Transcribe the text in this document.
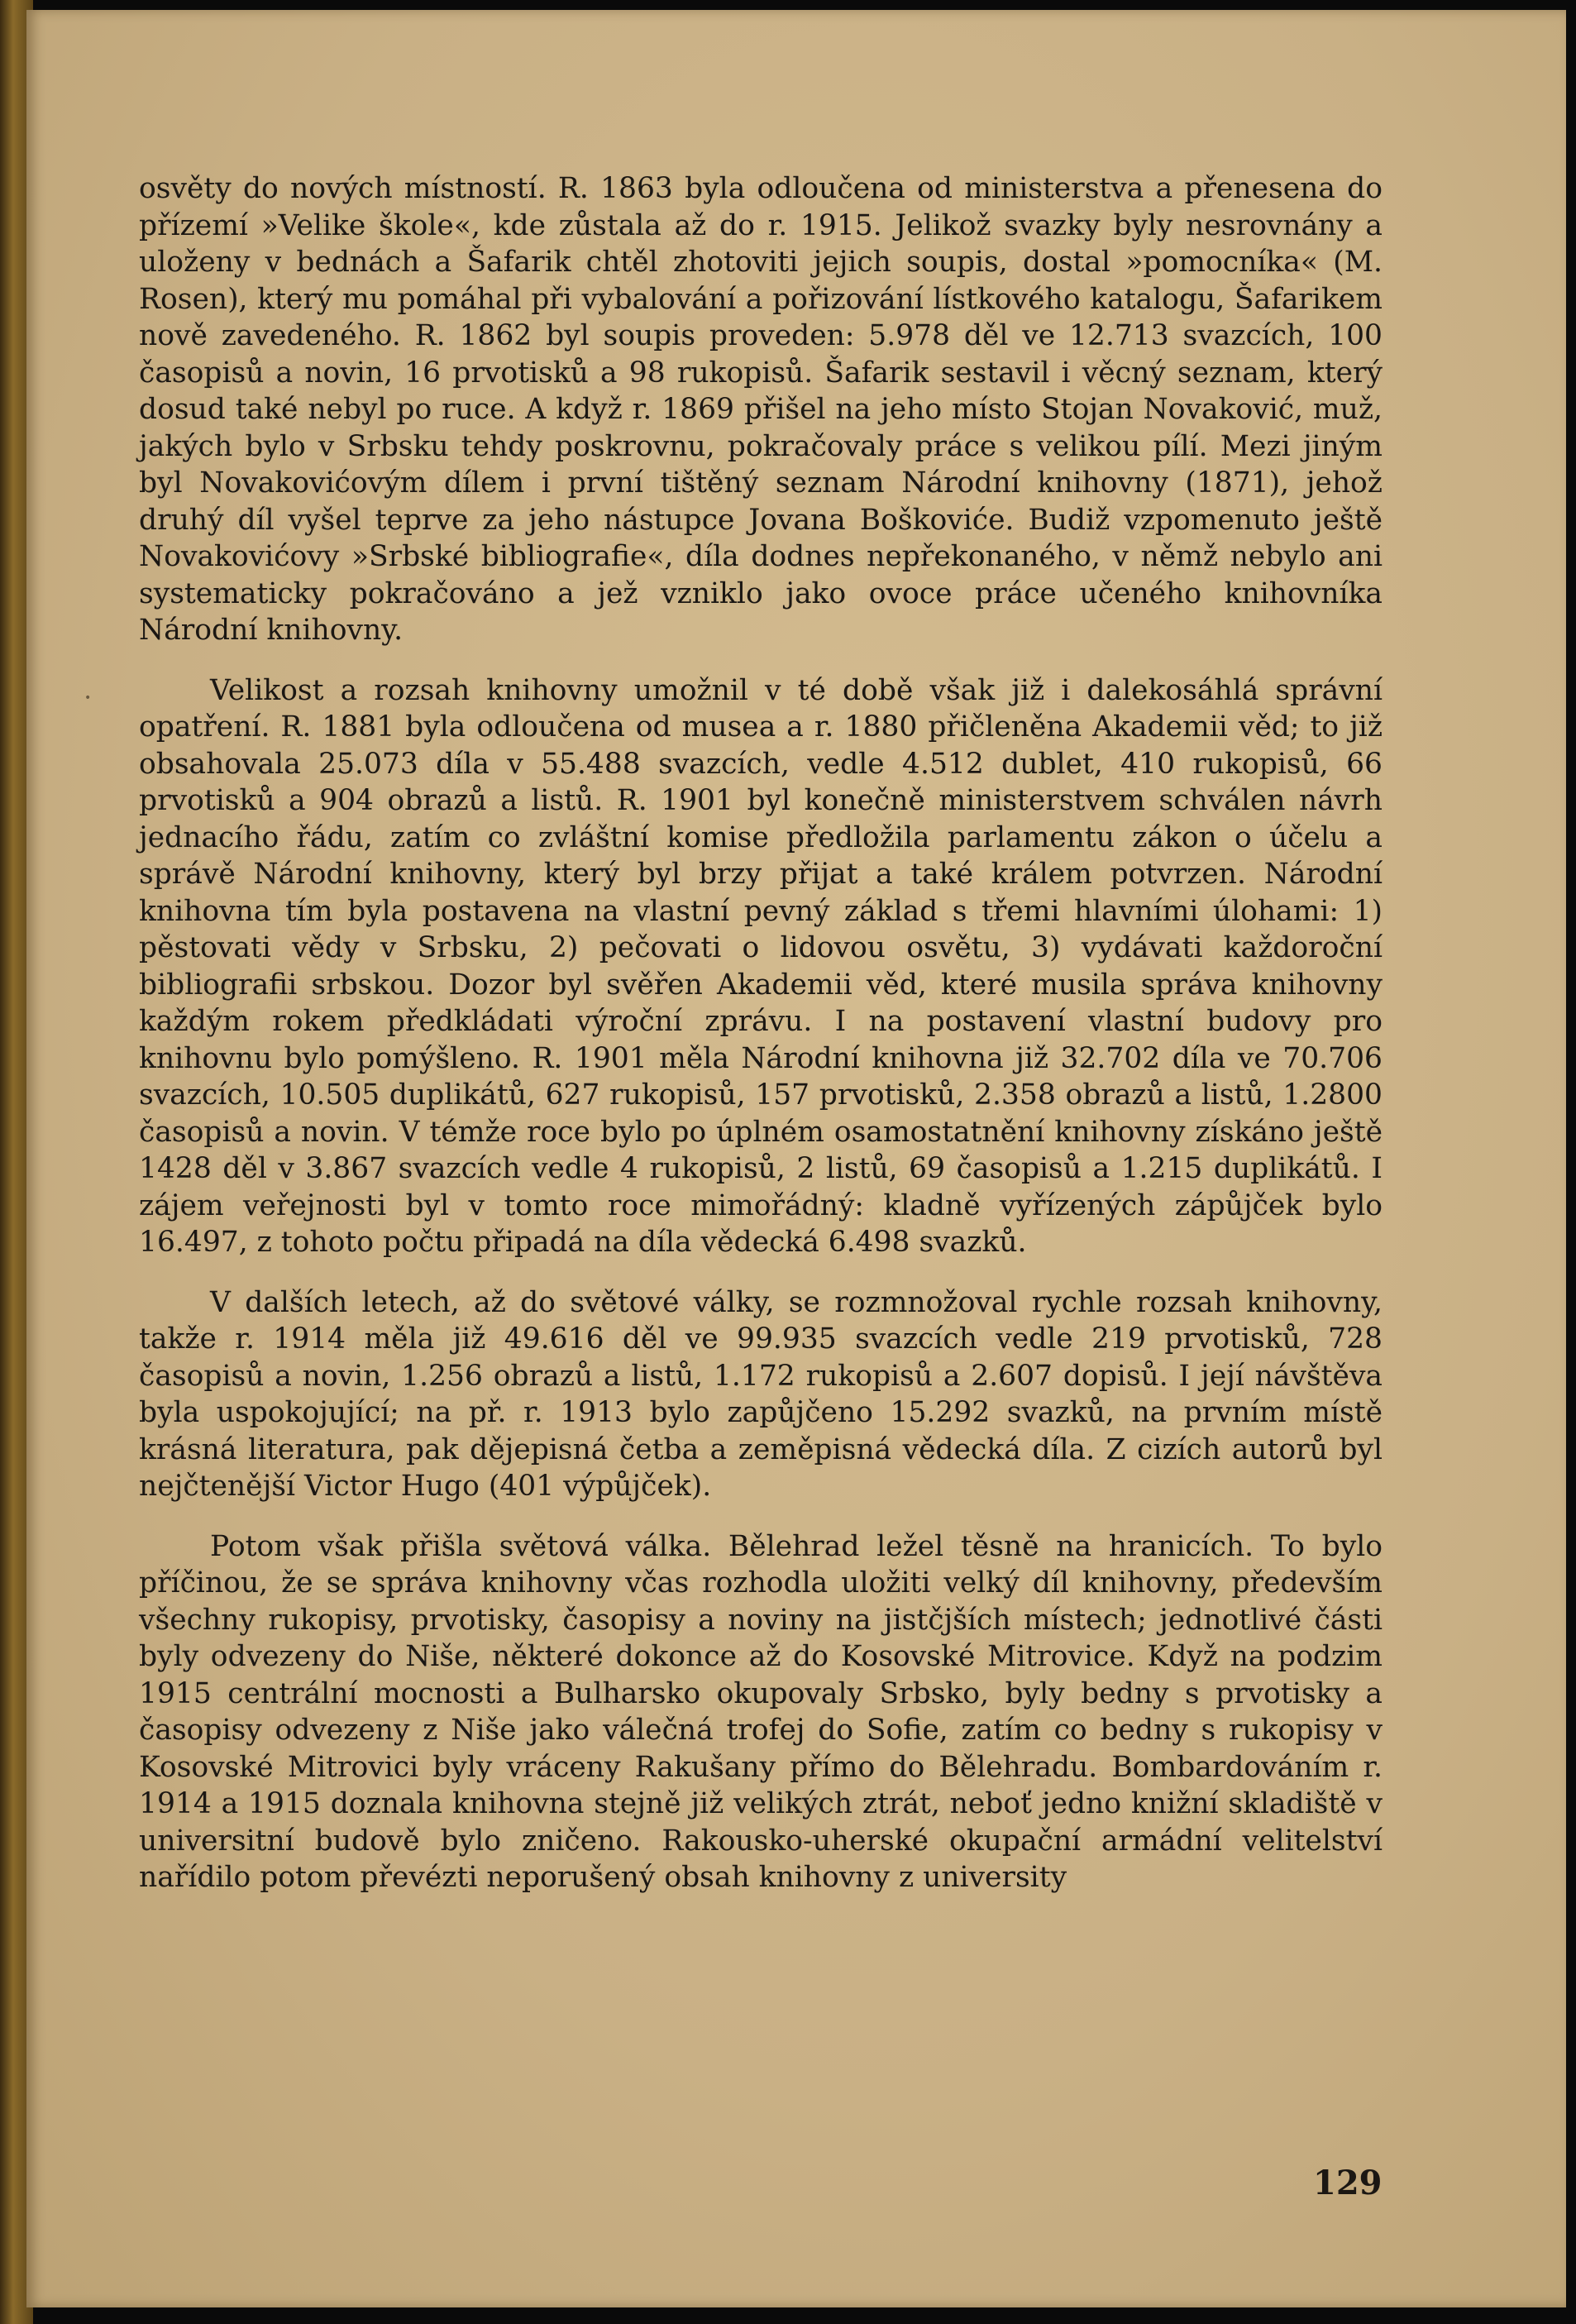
•

osvěty do nových místností. R. 1863 byla odloučena od ministerstva a přenesena do přízemí »Velike škole«, kde zůstala až do r. 1915. Jelikož svazky byly nesrovnány a uloženy v bednách a Šafarik chtěl zhotoviti jejich soupis, dostal »pomocníka« (M. Rosen), který mu pomáhal při vybalování a pořizování lístkového katalogu, Šafarikem nově zavedeného. R. 1862 byl soupis proveden: 5.978 děl ve 12.713 svazcích, 100 časopisů a novin, 16 prvotisků a 98 rukopisů. Šafarik sestavil i věcný seznam, který dosud také nebyl po ruce. A když r. 1869 přišel na jeho místo Stojan Novaković, muž, jakých bylo v Srbsku tehdy poskrovnu, pokračovaly práce s velikou pílí. Mezi jiným byl Novakovićovým dílem i první tištěný seznam Národní knihovny (1871), jehož druhý díl vyšel teprve za jeho nástupce Jovana Boškoviće. Budiž vzpomenuto ještě Novakovićovy »Srbské bibliografie«, díla dodnes nepřekonaného, v němž nebylo ani systematicky pokračováno a jež vzniklo jako ovoce práce učeného knihovníka Národní knihovny.

Velikost a rozsah knihovny umožnil v té době však již i dalekosáhlá správní opatření. R. 1881 byla odloučena od musea a r. 1880 přičleněna Akademii věd; to již obsahovala 25.073 díla v 55.488 svazcích, vedle 4.512 dublet, 410 rukopisů, 66 prvotisků a 904 obrazů a listů. R. 1901 byl konečně ministerstvem schválen návrh jednacího řádu, zatím co zvláštní komise předložila parlamentu zákon o účelu a správě Národní knihovny, který byl brzy přijat a také králem potvrzen. Národní knihovna tím byla postavena na vlastní pevný základ s třemi hlavními úlohami: 1) pěstovati vědy v Srbsku, 2) pečovati o lidovou osvětu, 3) vydávati každoroční bibliografii srbskou. Dozor byl svěřen Akademii věd, které musila správa knihovny každým rokem předkládati výroční zprávu. I na postavení vlastní budovy pro knihovnu bylo pomýšleno. R. 1901 měla Národní knihovna již 32.702 díla ve 70.706 svazcích, 10.505 duplikátů, 627 rukopisů, 157 prvotisků, 2.358 obrazů a listů, 1.2800 časopisů a novin. V témže roce bylo po úplném osamostatnění knihovny získáno ještě 1428 děl v 3.867 svazcích vedle 4 rukopisů, 2 listů, 69 časopisů a 1.215 duplikátů. I zájem veřejnosti byl v tomto roce mimořádný: kladně vyřízených zápůjček bylo 16.497, z tohoto počtu připadá na díla vědecká 6.498 svazků.

V dalších letech, až do světové války, se rozmnožoval rychle rozsah knihovny, takže r. 1914 měla již 49.616 děl ve 99.935 svazcích vedle 219 prvotisků, 728 časopisů a novin, 1.256 obrazů a listů, 1.172 rukopisů a 2.607 dopisů. I její návštěva byla uspokojující; na př. r. 1913 bylo zapůjčeno 15.292 svazků, na prvním místě krásná literatura, pak dějepisná četba a zeměpisná vědecká díla. Z cizích autorů byl nejčtenější Victor Hugo (401 výpůjček).

Potom však přišla světová válka. Bělehrad ležel těsně na hranicích. To bylo příčinou, že se správa knihovny včas rozhodla uložiti velký díl knihovny, především všechny rukopisy, prvotisky, časopisy a noviny na jistčjších místech; jednotlivé části byly odvezeny do Niše, některé dokonce až do Kosovské Mitrovice. Když na podzim 1915 centrální mocnosti a Bulharsko okupovaly Srbsko, byly bedny s prvotisky a časopisy odvezeny z Niše jako válečná trofej do Sofie, zatím co bedny s rukopisy v Kosovské Mitrovici byly vráceny Rakušany přímo do Bělehradu. Bombardováním r. 1914 a 1915 doznala knihovna stejně již velikých ztrát, neboť jedno knižní skladiště v universitní budově bylo zničeno. Rakousko-uherské okupační armádní velitelství nařídilo potom převézti neporušený obsah knihovny z university

129
